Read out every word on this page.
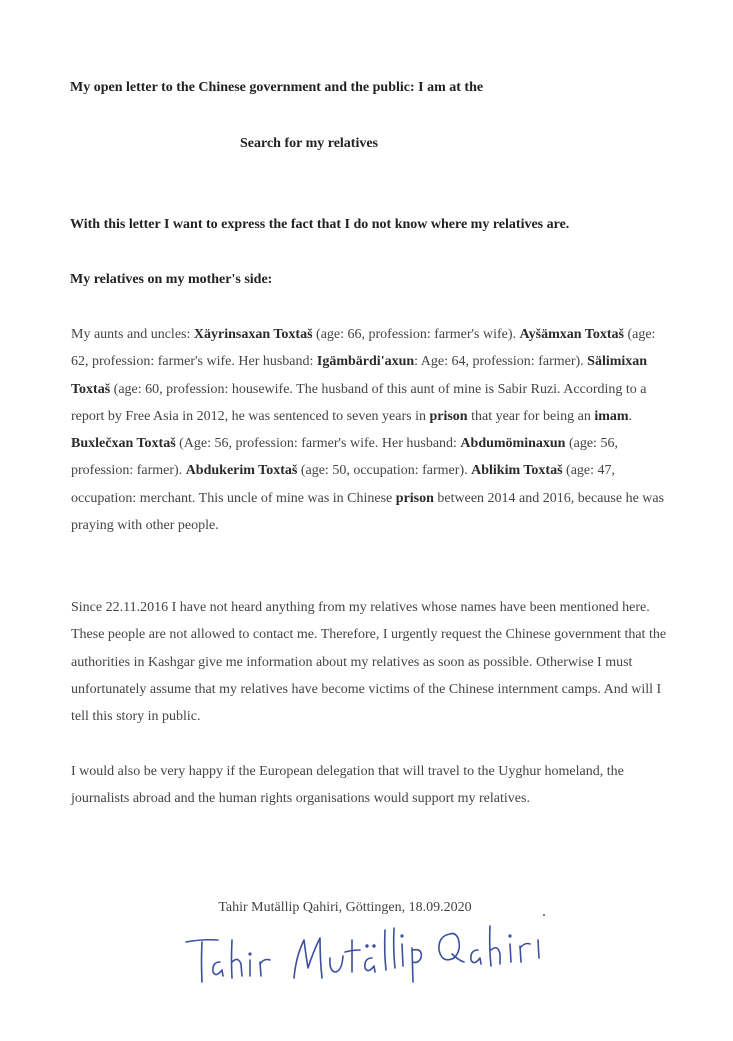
My open letter to the Chinese government and the public: I am at the
Search for my relatives
With this letter I want to express the fact that I do not know where my relatives are.
My relatives on my mother's side:
My aunts and uncles: Xäyrinsaxan Toxtaš (age: 66, profession: farmer's wife). Ayšämxan Toxtaš (age: 62, profession: farmer's wife. Her husband: Igämbärdi'axun: Age: 64, profession: farmer). Sälimixan Toxtaš (age: 60, profession: housewife. The husband of this aunt of mine is Sabir Ruzi. According to a report by Free Asia in 2012, he was sentenced to seven years in prison that year for being an imam. Buxlečxan Toxtaš (Age: 56, profession: farmer's wife. Her husband: Abdumöminaxun (age: 56, profession: farmer). Abdukerim Toxtaš (age: 50, occupation: farmer). Ablikim Toxtaš (age: 47, occupation: merchant. This uncle of mine was in Chinese prison between 2014 and 2016, because he was praying with other people.
Since 22.11.2016 I have not heard anything from my relatives whose names have been mentioned here. These people are not allowed to contact me. Therefore, I urgently request the Chinese government that the authorities in Kashgar give me information about my relatives as soon as possible. Otherwise I must unfortunately assume that my relatives have become victims of the Chinese internment camps. And will I tell this story in public.
I would also be very happy if the European delegation that will travel to the Uyghur homeland, the journalists abroad and the human rights organisations would support my relatives.
Tahir Mutällip Qahiri, Göttingen, 18.09.2020
